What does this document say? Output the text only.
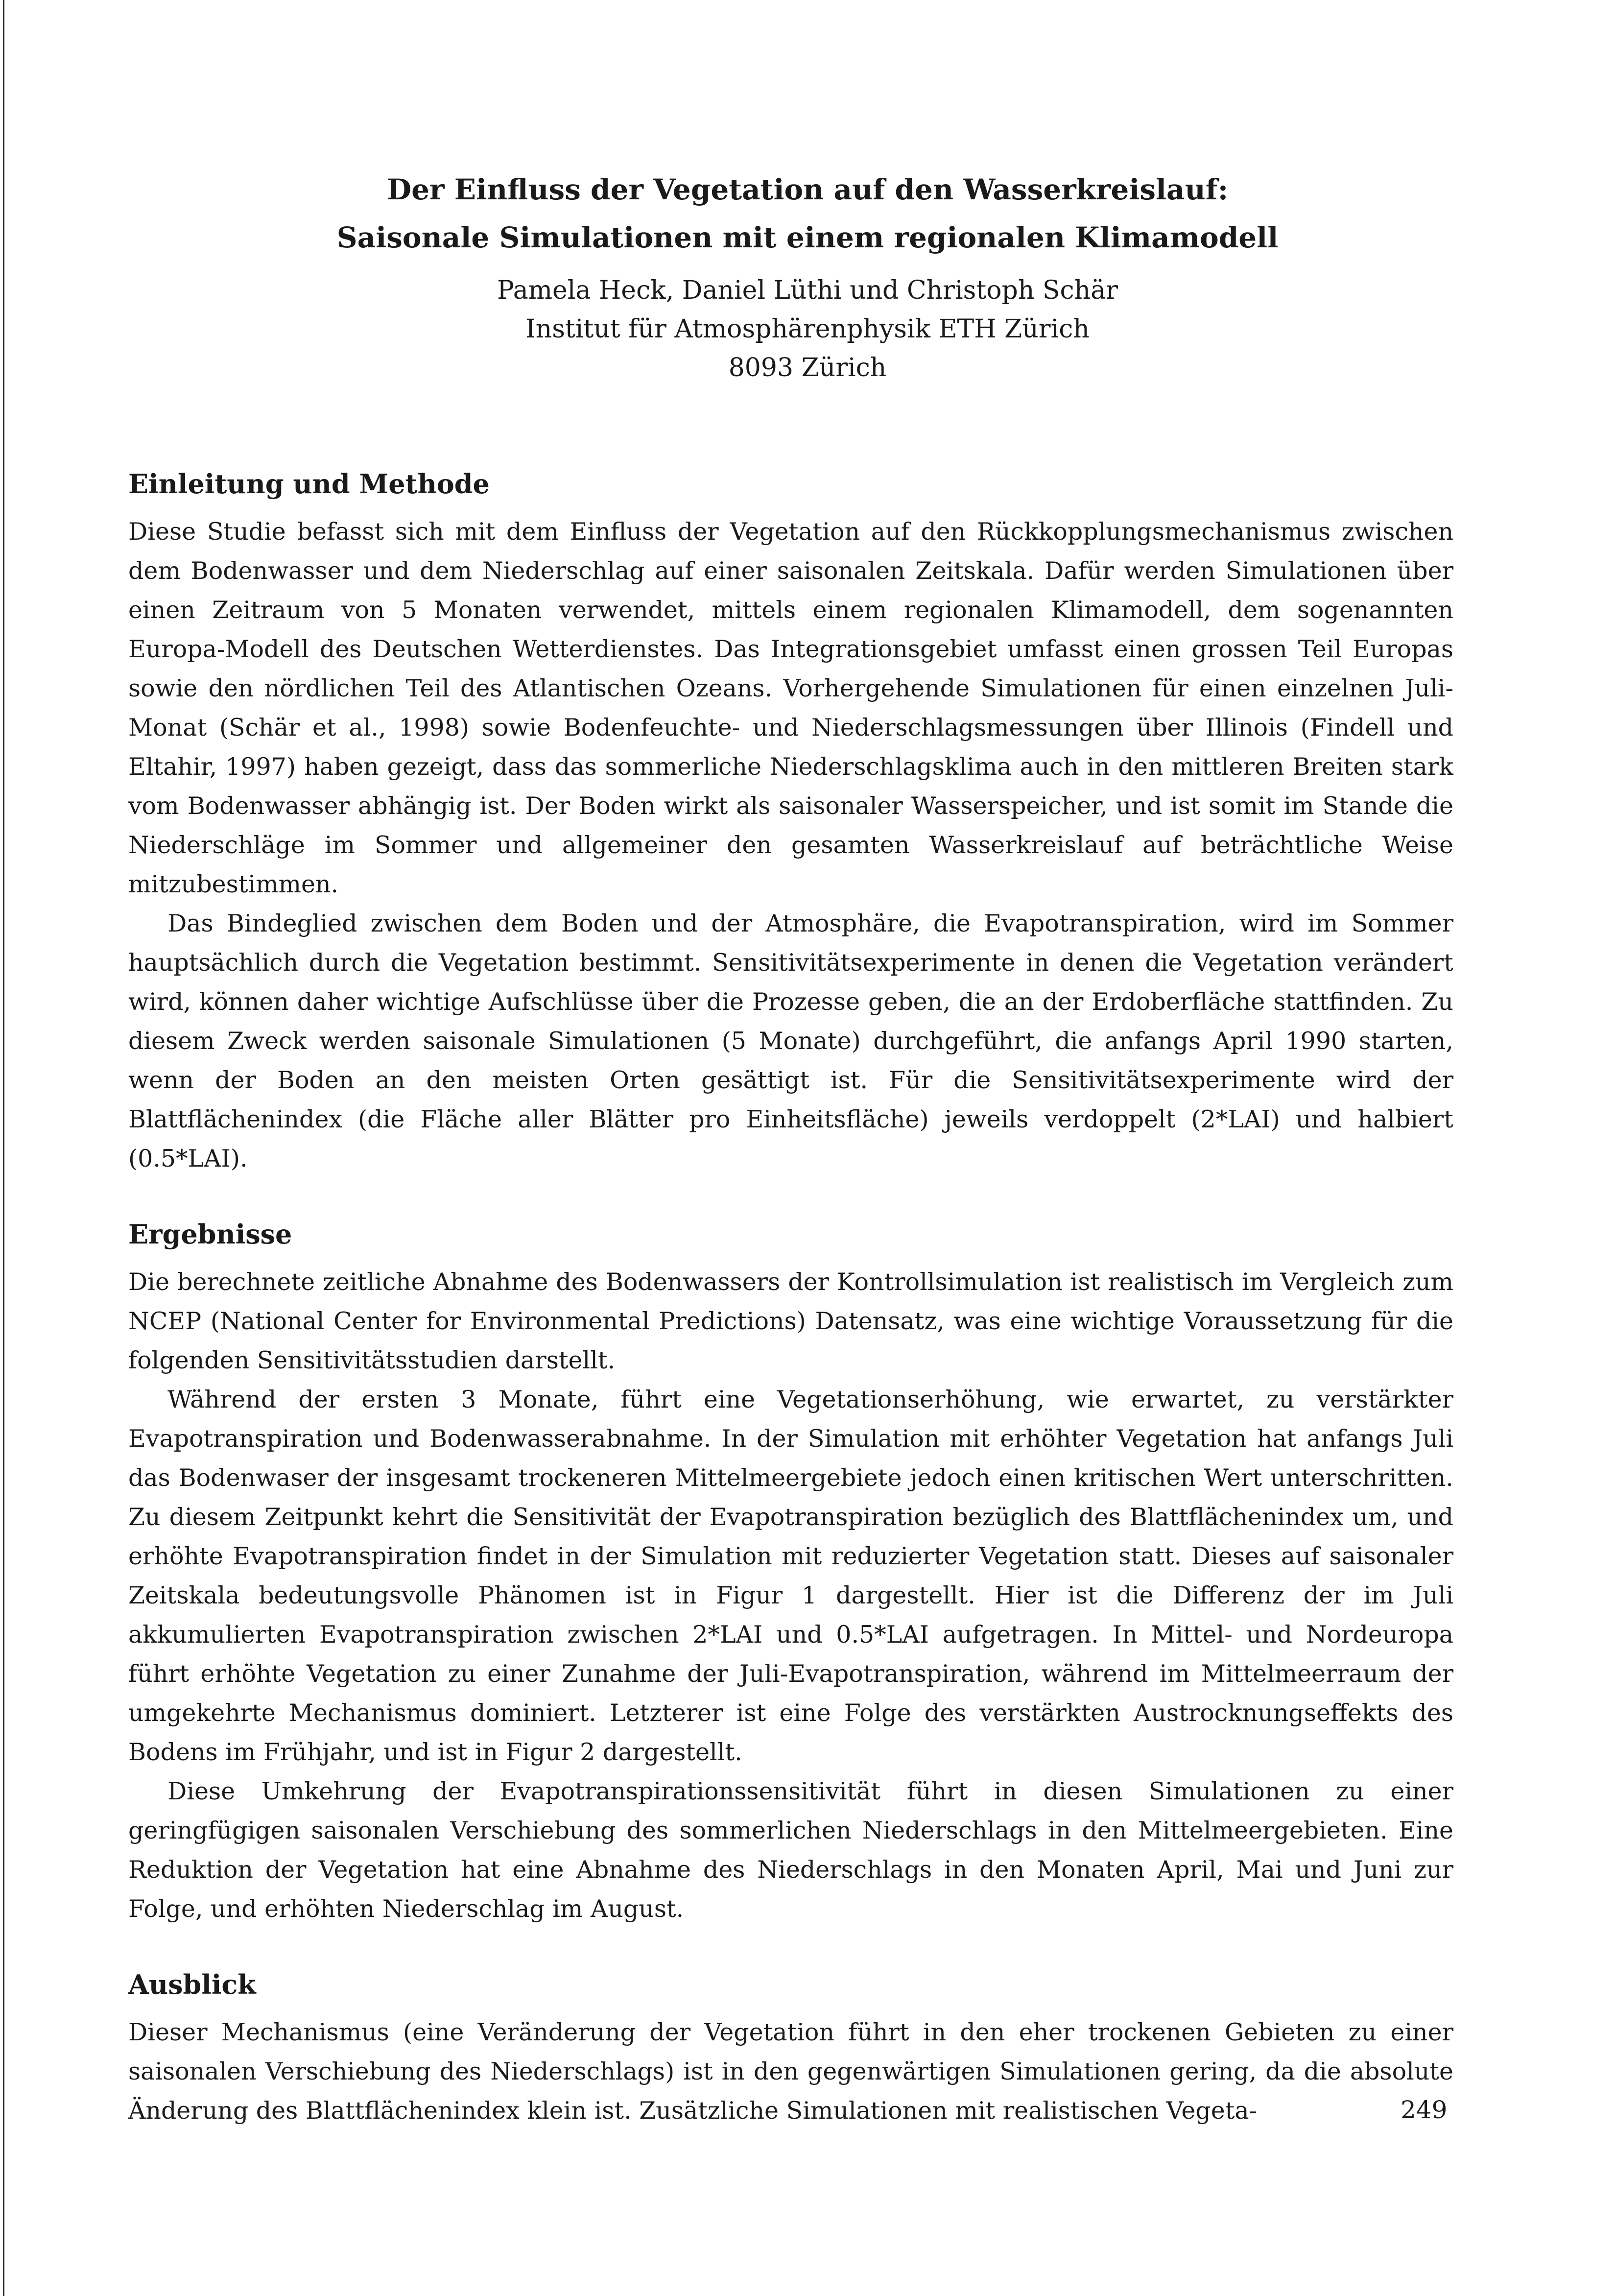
Der Einfluss der Vegetation auf den Wasserkreislauf:
Saisonale Simulationen mit einem regionalen Klimamodell
Pamela Heck, Daniel Lüthi und Christoph Schär
Institut für Atmosphärenphysik ETH Zürich
8093 Zürich
Einleitung und Methode

Diese Studie befasst sich mit dem Einfluss der Vegetation auf den Rückkopplungsmechanismus zwischen dem Bodenwasser und dem Niederschlag auf einer saisonalen Zeitskala. Dafür werden Simulationen über einen Zeitraum von 5 Monaten verwendet, mittels einem regionalen Klimamodell, dem sogenannten Europa-Modell des Deutschen Wetterdienstes. Das Integrationsgebiet umfasst einen grossen Teil Europas sowie den nördlichen Teil des Atlantischen Ozeans. Vorhergehende Simulationen für einen einzelnen Juli-Monat (Schär et al., 1998) sowie Bodenfeuchte- und Niederschlagsmessungen über Illinois (Findell und Eltahir, 1997) haben gezeigt, dass das sommerliche Niederschlagsklima auch in den mittleren Breiten stark vom Bodenwasser abhängig ist. Der Boden wirkt als saisonaler Wasserspeicher, und ist somit im Stande die Niederschläge im Sommer und allgemeiner den gesamten Wasserkreislauf auf beträchtliche Weise mitzubestimmen.

Das Bindeglied zwischen dem Boden und der Atmosphäre, die Evapotranspiration, wird im Sommer hauptsächlich durch die Vegetation bestimmt. Sensitivitätsexperimente in denen die Vegetation verändert wird, können daher wichtige Aufschlüsse über die Prozesse geben, die an der Erdoberfläche stattfinden. Zu diesem Zweck werden saisonale Simulationen (5 Monate) durchgeführt, die anfangs April 1990 starten, wenn der Boden an den meisten Orten gesättigt ist. Für die Sensitivitätsexperimente wird der Blattflächenindex (die Fläche aller Blätter pro Einheitsfläche) jeweils verdoppelt (2*LAI) und halbiert (0.5*LAI).

Ergebnisse

Die berechnete zeitliche Abnahme des Bodenwassers der Kontrollsimulation ist realistisch im Vergleich zum NCEP (National Center for Environmental Predictions) Datensatz, was eine wichtige Voraussetzung für die folgenden Sensitivitätsstudien darstellt.

Während der ersten 3 Monate, führt eine Vegetationserhöhung, wie erwartet, zu verstärkter Evapotranspiration und Bodenwasserabnahme. In der Simulation mit erhöhter Vegetation hat anfangs Juli das Bodenwaser der insgesamt trockeneren Mittelmeergebiete jedoch einen kritischen Wert unterschritten. Zu diesem Zeitpunkt kehrt die Sensitivität der Evapotranspiration bezüglich des Blattflächenindex um, und erhöhte Evapotranspiration findet in der Simulation mit reduzierter Vegetation statt. Dieses auf saisonaler Zeitskala bedeutungsvolle Phänomen ist in Figur 1 dargestellt. Hier ist die Differenz der im Juli akkumulierten Evapotranspiration zwischen 2*LAI und 0.5*LAI aufgetragen. In Mittel- und Nordeuropa führt erhöhte Vegetation zu einer Zunahme der Juli-Evapotranspiration, während im Mittelmeerraum der umgekehrte Mechanismus dominiert. Letzterer ist eine Folge des verstärkten Austrocknungseffekts des Bodens im Frühjahr, und ist in Figur 2 dargestellt.

Diese Umkehrung der Evapotranspirationssensitivität führt in diesen Simulationen zu einer geringfügigen saisonalen Verschiebung des sommerlichen Niederschlags in den Mittelmeergebieten. Eine Reduktion der Vegetation hat eine Abnahme des Niederschlags in den Monaten April, Mai und Juni zur Folge, und erhöhten Niederschlag im August.

Ausblick

Dieser Mechanismus (eine Veränderung der Vegetation führt in den eher trockenen Gebieten zu einer saisonalen Verschiebung des Niederschlags) ist in den gegenwärtigen Simulationen gering, da die absolute Änderung des Blattflächenindex klein ist. Zusätzliche Simulationen mit realistischen Vegeta-	249
